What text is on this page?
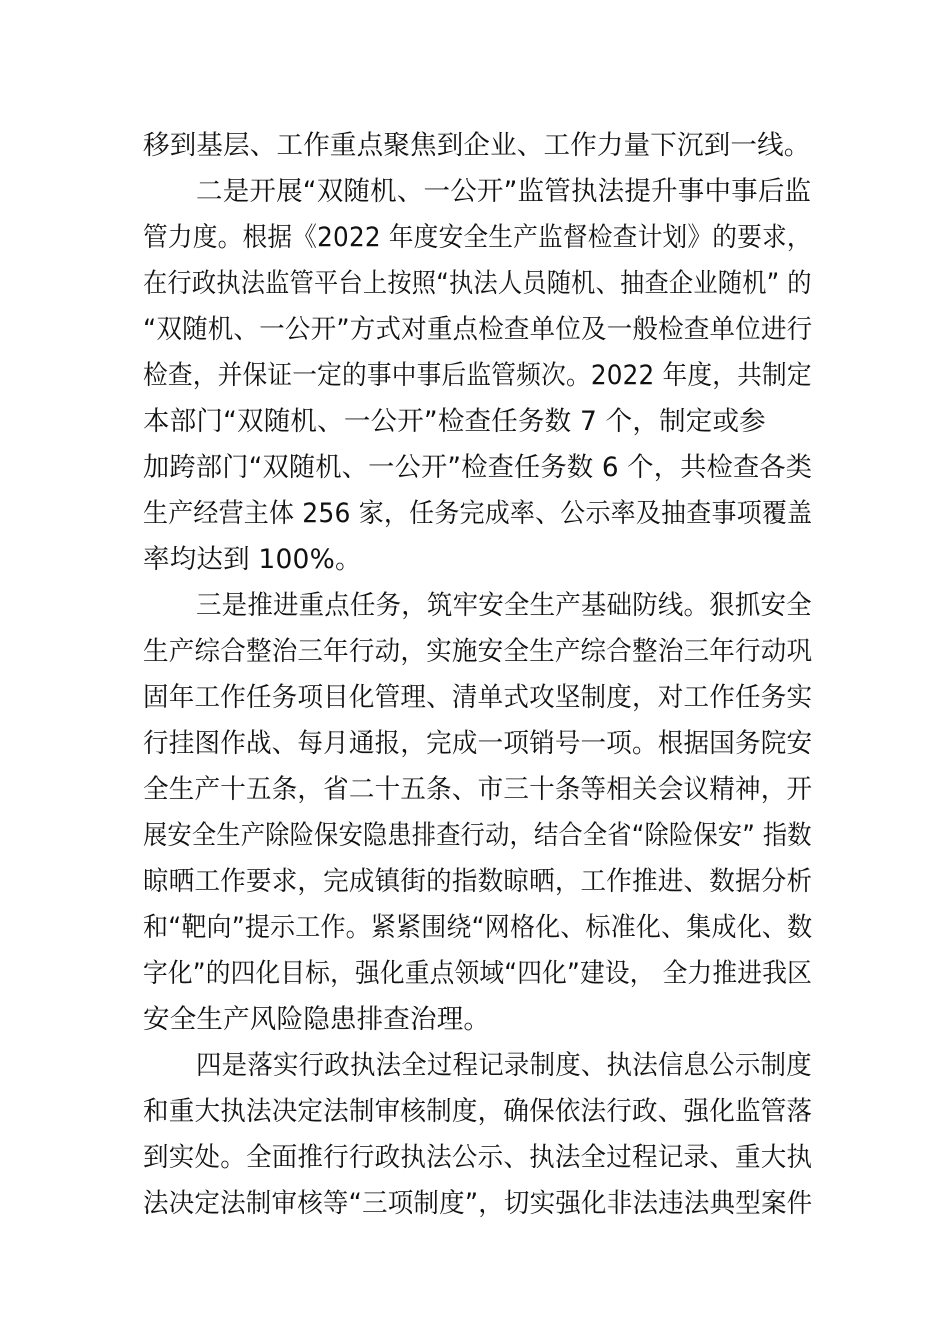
移到基层、工作重点聚焦到企业、工作力量下沉到一线。
二是开展“双随机、一公开”监管执法提升事中事后监
管力度。根据《2022 年度安全生产监督检查计划》的要求，
在行政执法监管平台上按照“执法人员随机、抽查企业随机” 的
“双随机、一公开”方式对重点检查单位及一般检查单位进行
检查，并保证一定的事中事后监管频次。2022 年度，共制定
本部门“双随机、一公开”检查任务数 7 个，制定或参
加跨部门“双随机、一公开”检查任务数 6 个，共检查各类
生产经营主体 256 家，任务完成率、公示率及抽查事项覆盖
率均达到 100%。
三是推进重点任务，筑牢安全生产基础防线。狠抓安全
生产综合整治三年行动，实施安全生产综合整治三年行动巩
固年工作任务项目化管理、清单式攻坚制度，对工作任务实
行挂图作战、每月通报，完成一项销号一项。根据国务院安
全生产十五条，省二十五条、市三十条等相关会议精神，开
展安全生产除险保安隐患排查行动，结合全省“除险保安” 指数
晾晒工作要求，完成镇街的指数晾晒，工作推进、数据分析
和“靶向”提示工作。紧紧围绕“网格化、标准化、集成化、数
字化”的四化目标，强化重点领域“四化”建设， 全力推进我区
安全生产风险隐患排查治理。
四是落实行政执法全过程记录制度、执法信息公示制度
和重大执法决定法制审核制度，确保依法行政、强化监管落
到实处。全面推行行政执法公示、执法全过程记录、重大执
法决定法制审核等“三项制度”，切实强化非法违法典型案件
